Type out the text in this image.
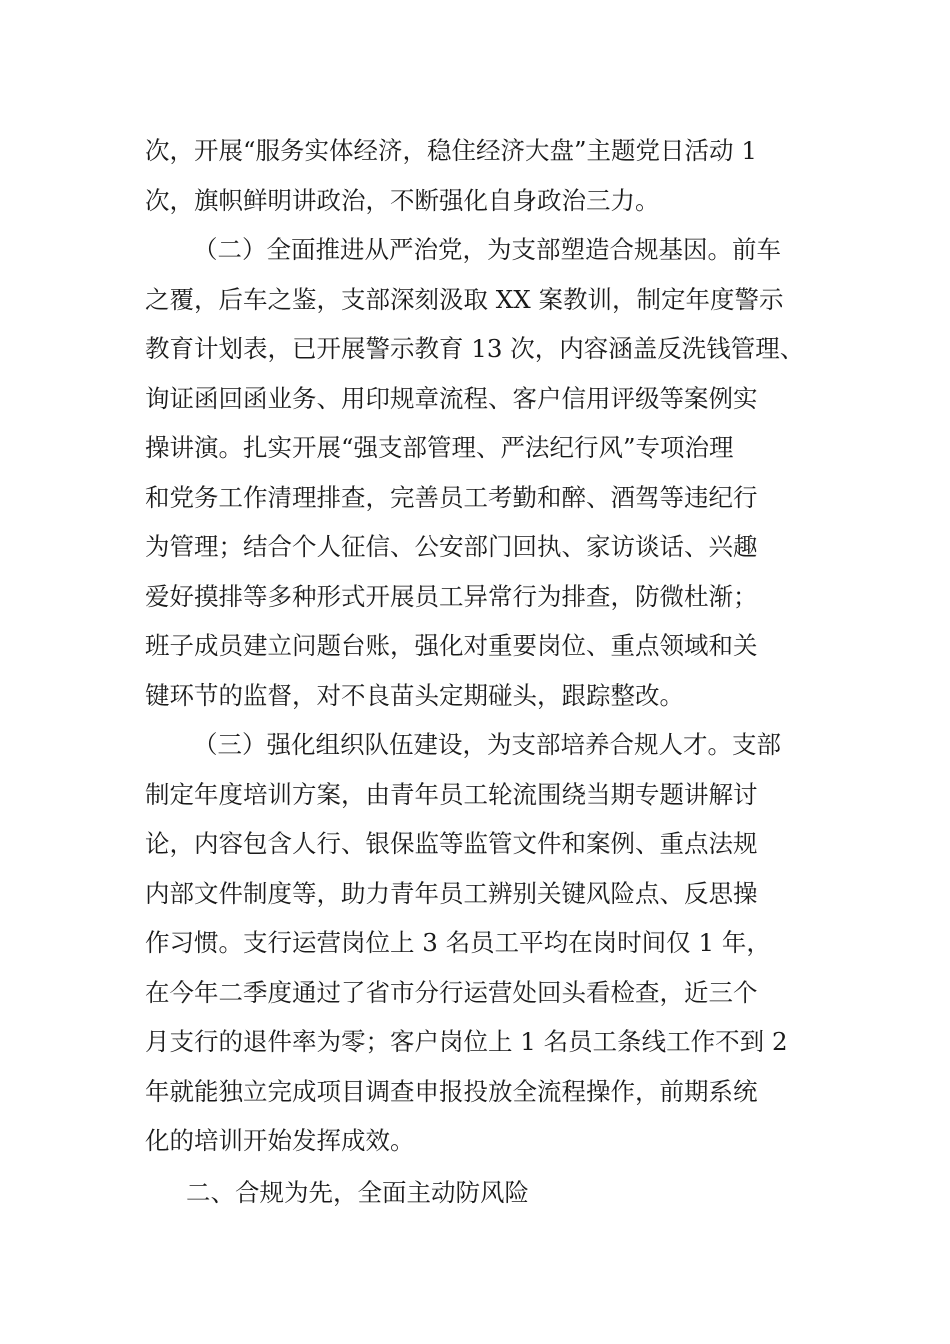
次，开展“服务实体经济，稳住经济大盘”主题党日活动 1
次，旗帜鲜明讲政治，不断强化自身政治三力。
（二）全面推进从严治党，为支部塑造合规基因。前车
之覆，后车之鉴，支部深刻汲取 XX 案教训，制定年度警示
教育计划表，已开展警示教育 13 次，内容涵盖反洗钱管理、
询证函回函业务、用印规章流程、客户信用评级等案例实
操讲演。扎实开展“强支部管理、严法纪行风”专项治理
和党务工作清理排查，完善员工考勤和醉、酒驾等违纪行
为管理；结合个人征信、公安部门回执、家访谈话、兴趣
爱好摸排等多种形式开展员工异常行为排查，防微杜渐；
班子成员建立问题台账，强化对重要岗位、重点领域和关
键环节的监督，对不良苗头定期碰头，跟踪整改。
（三）强化组织队伍建设，为支部培养合规人才。支部
制定年度培训方案，由青年员工轮流围绕当期专题讲解讨
论，内容包含人行、银保监等监管文件和案例、重点法规
内部文件制度等，助力青年员工辨别关键风险点、反思操
作习惯。支行运营岗位上 3 名员工平均在岗时间仅 1 年，
在今年二季度通过了省市分行运营处回头看检查，近三个
月支行的退件率为零；客户岗位上 1 名员工条线工作不到 2
年就能独立完成项目调查申报投放全流程操作，前期系统
化的培训开始发挥成效。
二、合规为先，全面主动防风险
